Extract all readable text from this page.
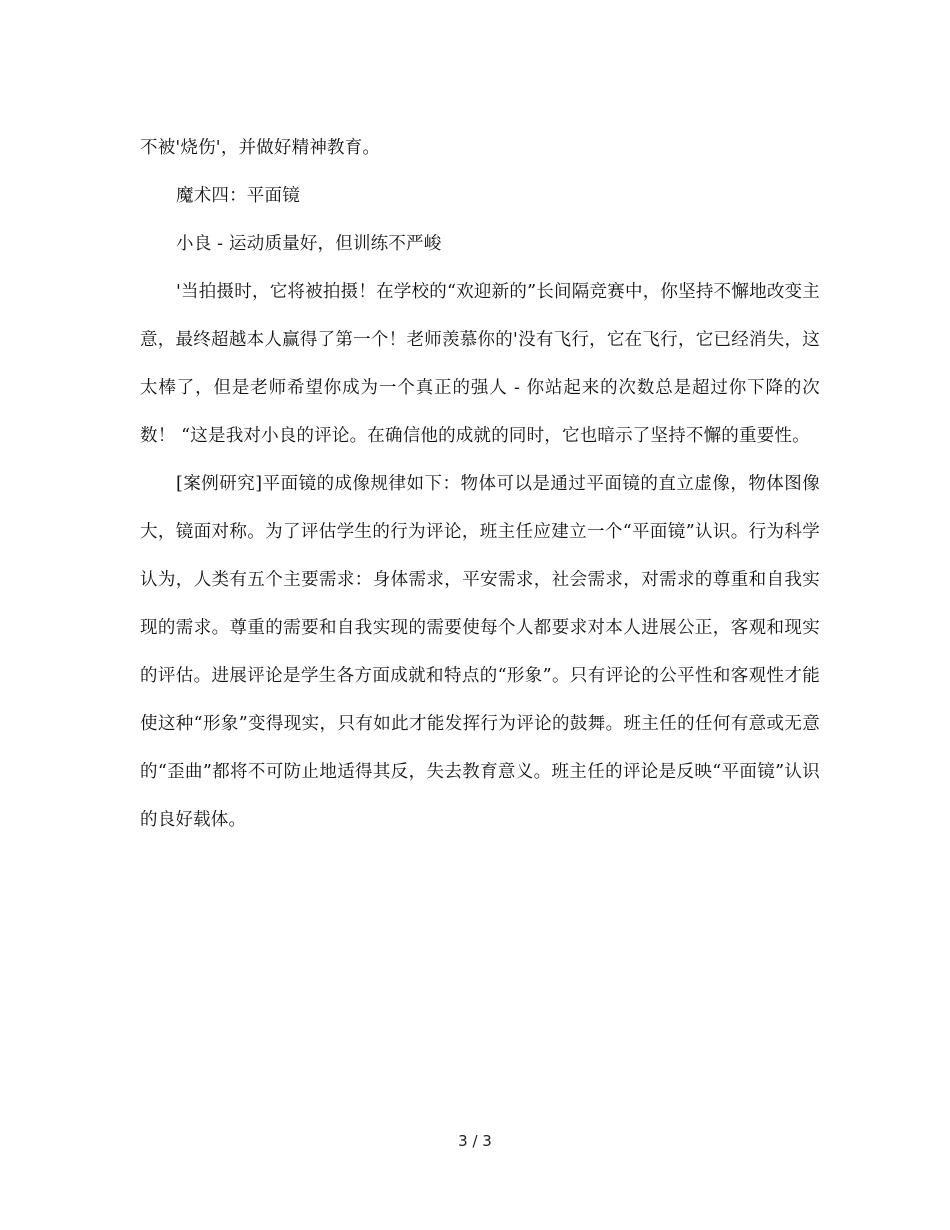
不被'烧伤'，并做好精神教育。

魔术四：平面镜

小良 - 运动质量好，但训练不严峻

'当拍摄时，它将被拍摄！在学校的“欢迎新的”长间隔竞赛中，你坚持不懈地改变主意，最终超越本人赢得了第一个！老师羡慕你的'没有飞行，它在飞行，它已经消失，这太棒了，但是老师希望你成为一个真正的强人 - 你站起来的次数总是超过你下降的次数！ “这是我对小良的评论。在确信他的成就的同时，它也暗示了坚持不懈的重要性。

[案例研究]平面镜的成像规律如下：物体可以是通过平面镜的直立虚像，物体图像大，镜面对称。为了评估学生的行为评论，班主任应建立一个“平面镜”认识。行为科学认为，人类有五个主要需求：身体需求，平安需求，社会需求，对需求的尊重和自我实现的需求。尊重的需要和自我实现的需要使每个人都要求对本人进展公正，客观和现实的评估。进展评论是学生各方面成就和特点的“形象”。只有评论的公平性和客观性才能使这种“形象”变得现实，只有如此才能发挥行为评论的鼓舞。班主任的任何有意或无意的“歪曲”都将不可防止地适得其反，失去教育意义。班主任的评论是反映“平面镜”认识的良好载体。

3 / 3
